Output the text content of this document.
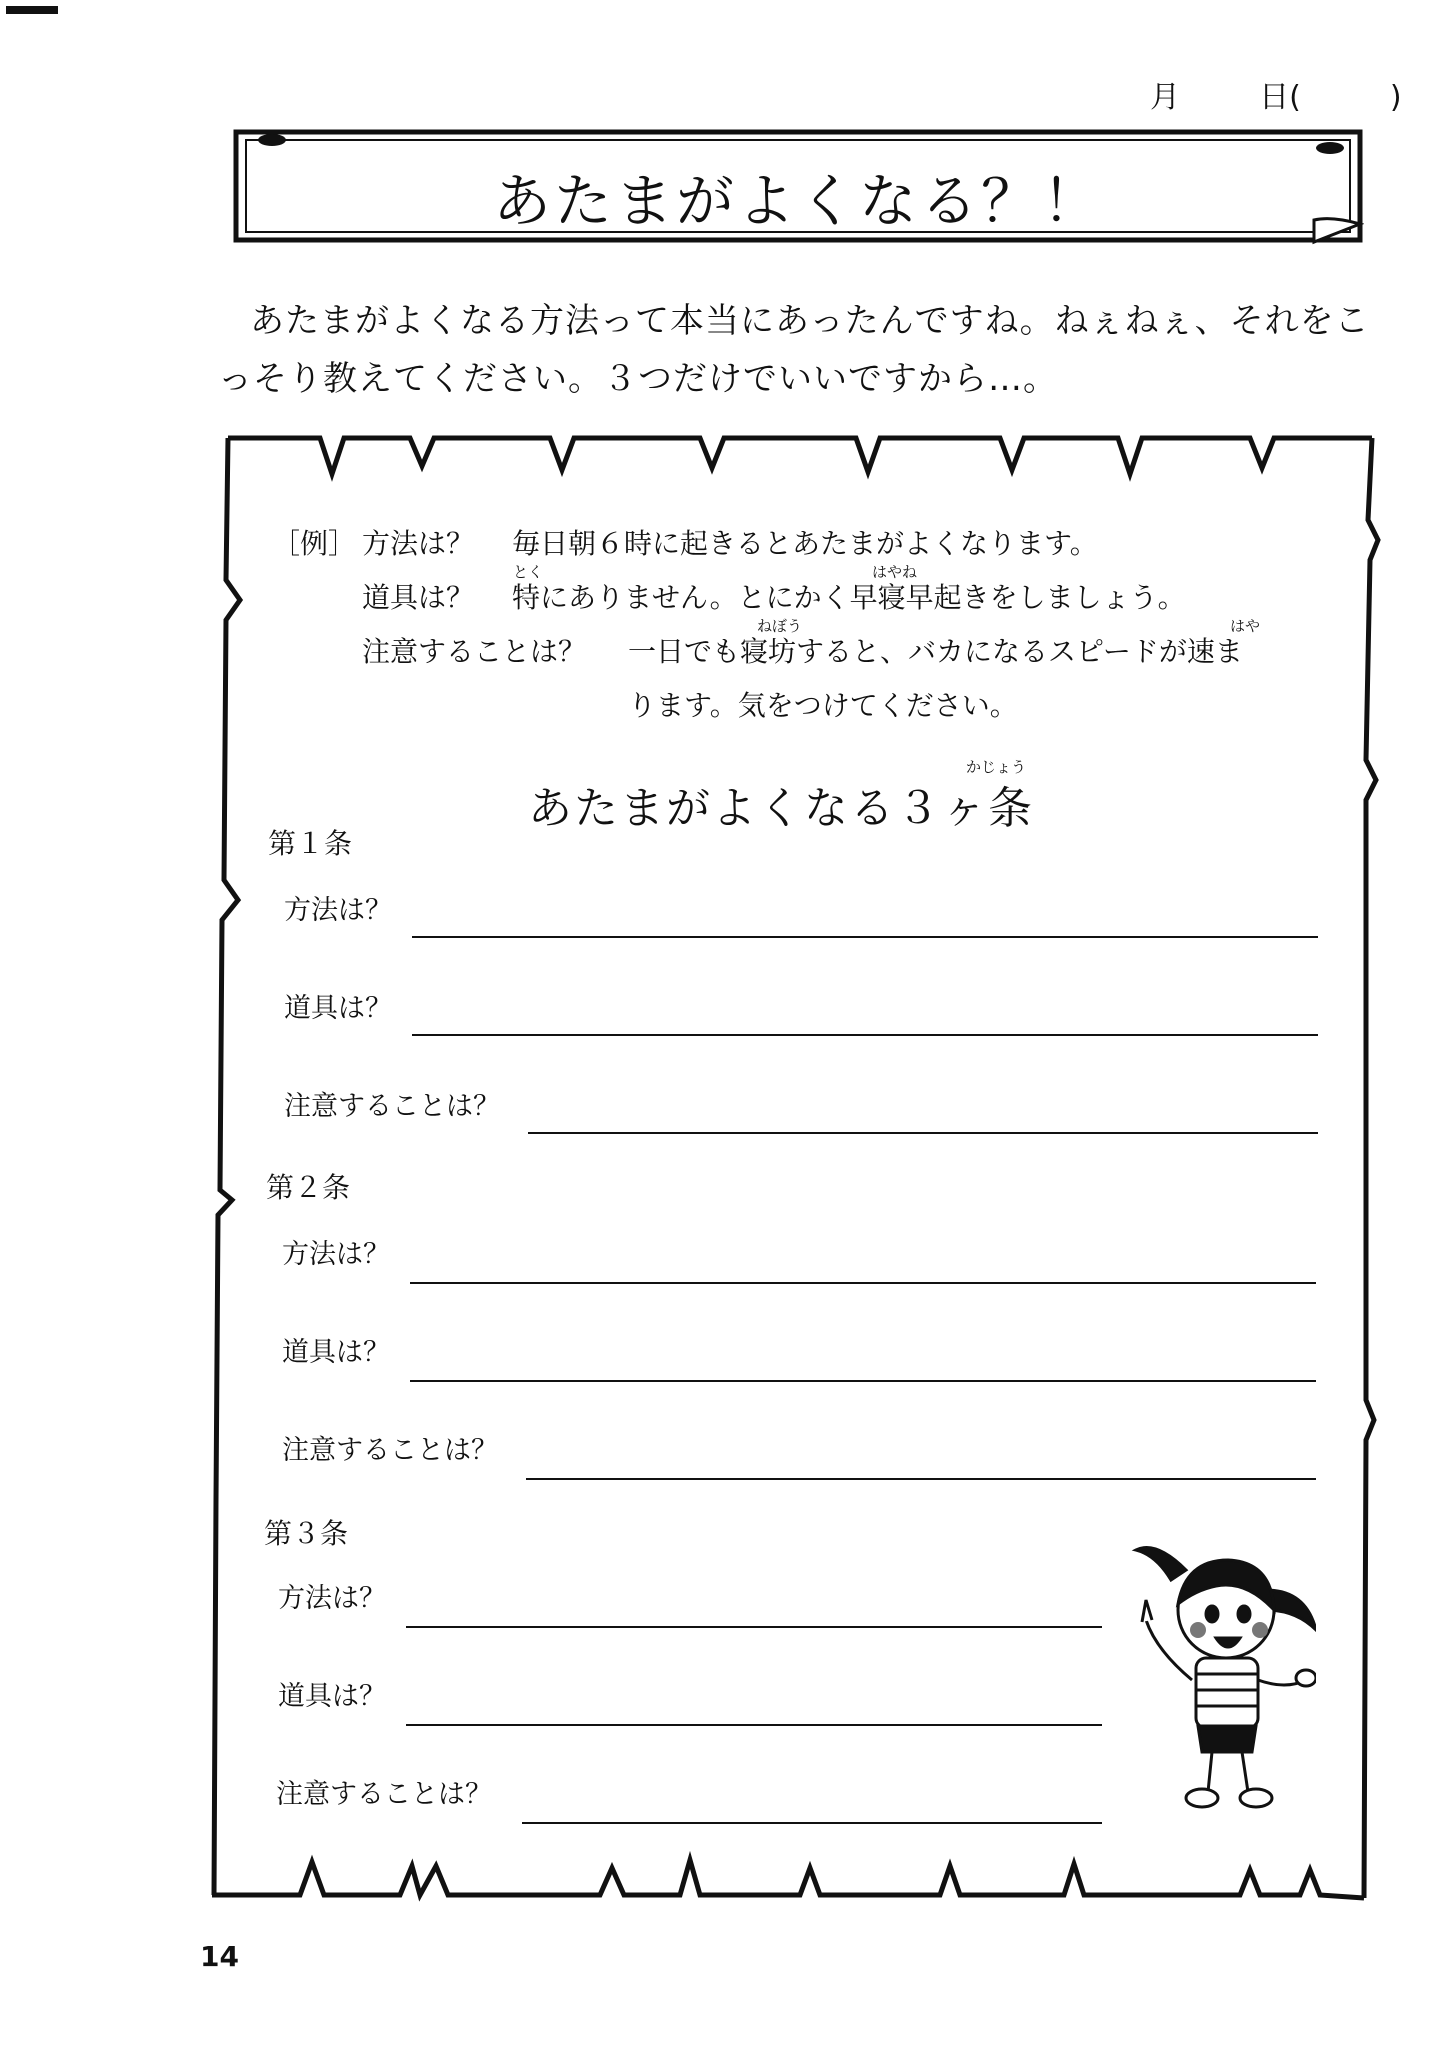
月	日(	)
あたまがよくなる？！
あたまがよくなる方法って本当にあったんですね。ねぇねぇ、それをこっそり教えてください。３つだけでいいですから…。
［例］ 方法は？ 毎日朝６時に起きるとあたまがよくなります。
とく	はやね
道具は？ 特にありません。とにかく早寝早起きをしましょう。
ねぼう	はや
注意することは？ 一日でも寝坊すると、バカになるスピードが速ま
ります。気をつけてください。
かじょう
あたまがよくなる３ヶ条
第１条
方法は？
道具は？
注意することは？
第２条
方法は？
道具は？
注意することは？
第３条
方法は？
道具は？
注意することは？
14
